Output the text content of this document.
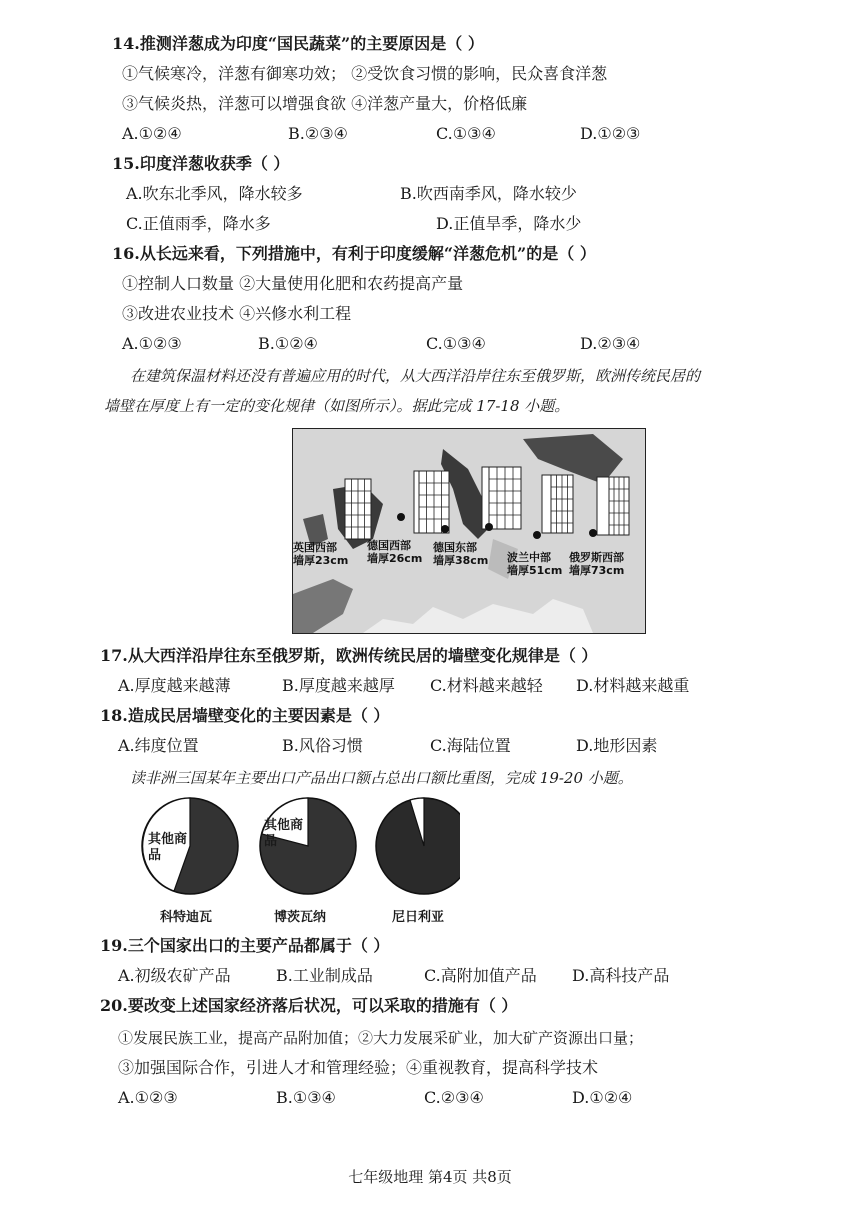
14.推测洋葱成为印度“国民蔬菜”的主要原因是（ ）
①气候寒冷，洋葱有御寒功效； ②受饮食习惯的影响，民众喜食洋葱
③气候炎热，洋葱可以增强食欲 ④洋葱产量大，价格低廉
A.①②④	B.②③④	C.①③④	D.①②③
15.印度洋葱收获季（ ）
A.吹东北季风，降水较多	B.吹西南季风，降水较少
C.正值雨季，降水多	D.正值旱季，降水少
16.从长远来看，下列措施中，有利于印度缓解“洋葱危机”的是（ ）
①控制人口数量 ②大量使用化肥和农药提高产量
③改进农业技术 ④兴修水利工程
A.①②③	B.①②④	C.①③④	D.②③④
在建筑保温材料还没有普遍应用的时代，从大西洋沿岸往东至俄罗斯，欧洲传统民居的
墙壁在厚度上有一定的变化规律（如图所示）。据此完成 17-18 小题。
英国西部
墙厚23cm
德国西部
墙厚26cm
德国东部
墙厚38cm 波兰中部
墙厚51cm
俄罗斯西部
墙厚73cm
17.从大西洋沿岸往东至俄罗斯，欧洲传统民居的墙壁变化规律是（ ）
A.厚度越来越薄	B.厚度越来越厚 C.材料越来越轻 D.材料越来越重
18.造成民居墙壁变化的主要因素是（ ）
A.纬度位置	B.风俗习惯	C.海陆位置	D.地形因素
读非洲三国某年主要出口产品出口额占总出口额比重图，完成 19-20 小题。
其他商品
其他商品
科特迪瓦	博茨瓦纳	尼日利亚
19.三个国家出口的主要产品都属于（ ）
A.初级农矿产品	B.工业制成品	C.高附加值产品 D.高科技产品
20.要改变上述国家经济落后状况，可以采取的措施有（ ）
①发展民族工业，提高产品附加值；②大力发展采矿业，加大矿产资源出口量；
③加强国际合作，引进人才和管理经验；④重视教育，提高科学技术
A.①②③	B.①③④	C.②③④	D.①②④
七年级地理 第4页 共8页
